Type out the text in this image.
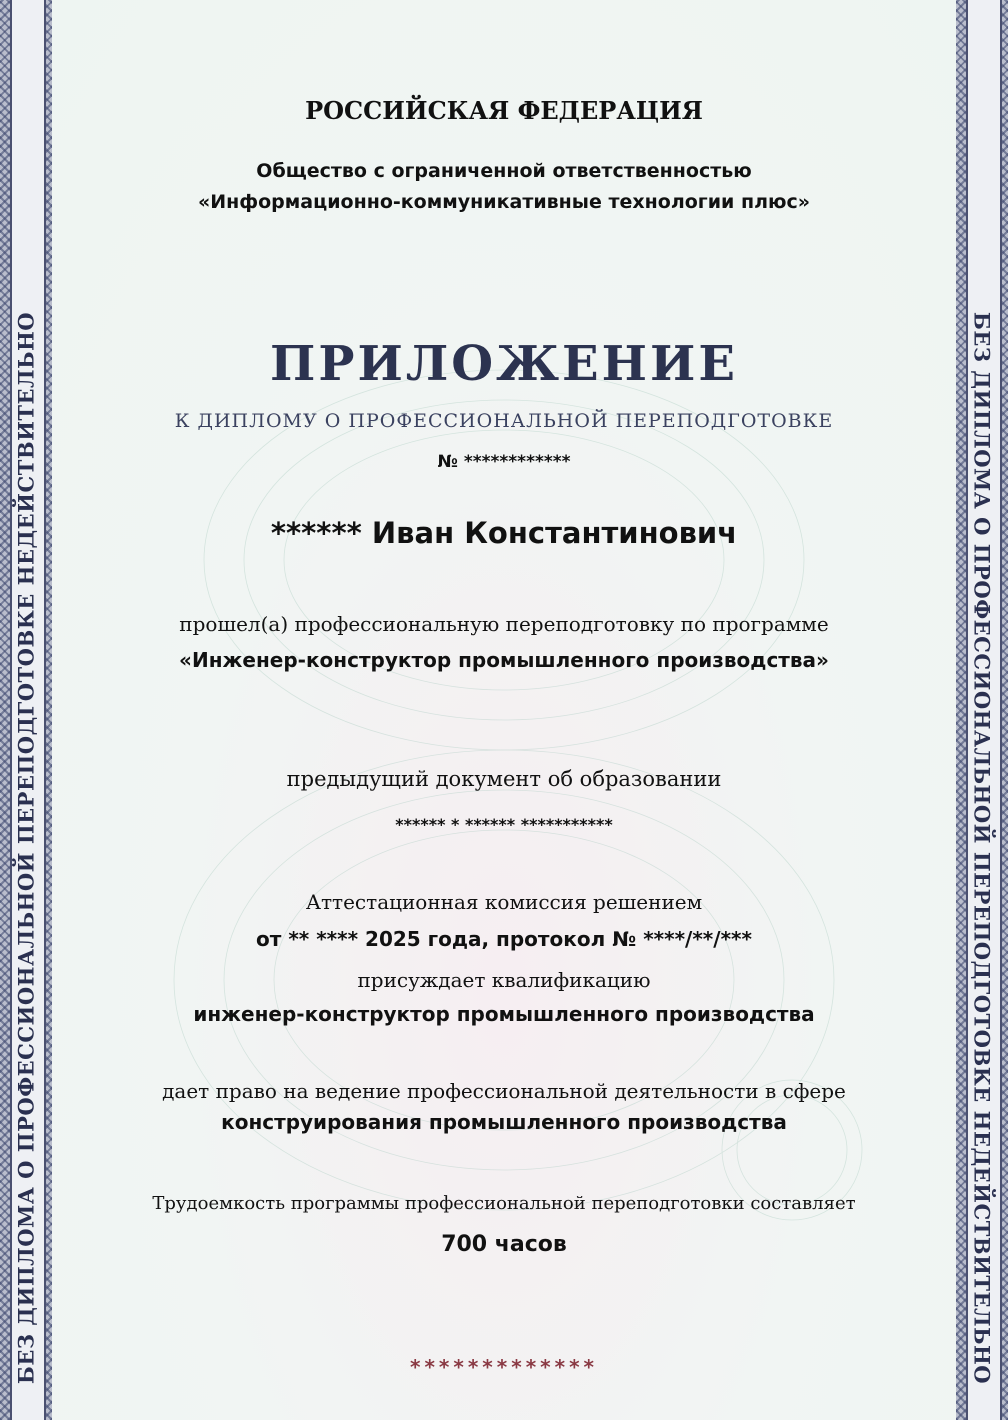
БЕЗ ДИПЛОМА О ПРОФЕССИОНАЛЬНОЙ ПЕРЕПОДГОТОВКЕ НЕДЕЙСТВИТЕЛЬНО	БЕЗ ДИПЛОМА О ПРОФЕССИОНАЛЬНОЙ ПЕРЕПОДГОТОВКЕ НЕДЕЙСТВИТЕЛЬНО
РОССИЙСКАЯ ФЕДЕРАЦИЯ
Общество с ограниченной ответственностью
«Информационно-коммуникативные технологии плюс»
ПРИЛОЖЕНИЕ
К ДИПЛОМУ О ПРОФЕССИОНАЛЬНОЙ ПЕРЕПОДГОТОВКЕ
№ ************
****** Иван Константинович
прошел(а) профессиональную переподготовку по программе
«Инженер-конструктор промышленного производства»
предыдущий документ об образовании
****** * ****** ***********
Аттестационная комиссия решением
от ** **** 2025 года, протокол № ****/**/***
присуждает квалификацию
инженер-конструктор промышленного производства
дает право на ведение профессиональной деятельности в сфере
конструирования промышленного производства
Трудоемкость программы профессиональной переподготовки составляет
700 часов
*************
